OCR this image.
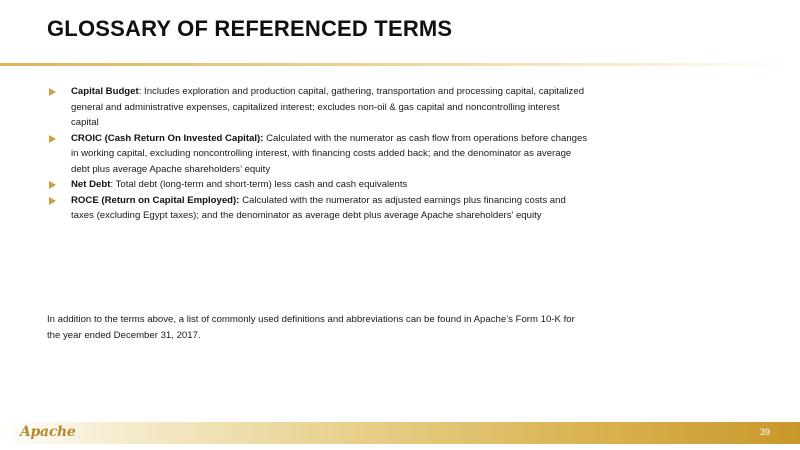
GLOSSARY OF REFERENCED TERMS
Capital Budget: Includes exploration and production capital, gathering, transportation and processing capital, capitalized general and administrative expenses, capitalized interest; excludes non-oil & gas capital and noncontrolling interest capital
CROIC (Cash Return On Invested Capital): Calculated with the numerator as cash flow from operations before changes in working capital, excluding noncontrolling interest, with financing costs added back; and the denominator as average debt plus average Apache shareholders’ equity
Net Debt: Total debt (long-term and short-term) less cash and cash equivalents
ROCE (Return on Capital Employed): Calculated with the numerator as adjusted earnings plus financing costs and taxes (excluding Egypt taxes); and the denominator as average debt plus average Apache shareholders’ equity

In addition to the terms above, a list of commonly used definitions and abbreviations can be found in Apache’s Form 10-K for the year ended December 31, 2017.

Apache	39
